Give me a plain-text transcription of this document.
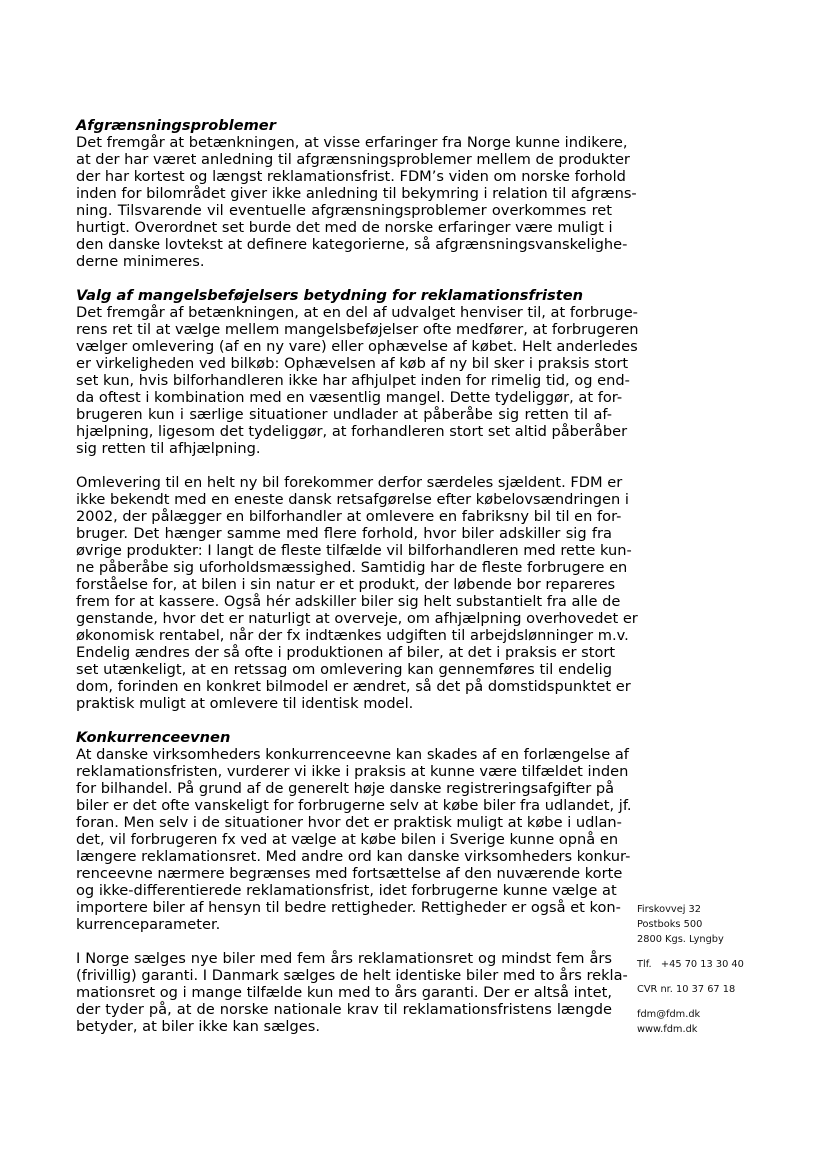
Afgrænsningsproblemer
Det fremgår at betænkningen, at visse erfaringer fra Norge kunne indikere,
at der har været anledning til afgrænsningsproblemer mellem de produkter
der har kortest og længst reklamationsfrist. FDM’s viden om norske forhold
inden for bilområdet giver ikke anledning til bekymring i relation til afgræns-
ning. Tilsvarende vil eventuelle afgrænsningsproblemer overkommes ret
hurtigt. Overordnet set burde det med de norske erfaringer være muligt i
den danske lovtekst at definere kategorierne, så afgrænsningsvanskelighe-
derne minimeres.
Valg af mangelsbeføjelsers betydning for reklamationsfristen
Det fremgår af betænkningen, at en del af udvalget henviser til, at forbruge-
rens ret til at vælge mellem mangelsbeføjelser ofte medfører, at forbrugeren
vælger omlevering (af en ny vare) eller ophævelse af købet. Helt anderledes
er virkeligheden ved bilkøb: Ophævelsen af køb af ny bil sker i praksis stort
set kun, hvis bilforhandleren ikke har afhjulpet inden for rimelig tid, og end-
da oftest i kombination med en væsentlig mangel. Dette tydeliggør, at for-
brugeren kun i særlige situationer undlader at påberåbe sig retten til af-
hjælpning, ligesom det tydeliggør, at forhandleren stort set altid påberåber
sig retten til afhjælpning.
Omlevering til en helt ny bil forekommer derfor særdeles sjældent. FDM er
ikke bekendt med en eneste dansk retsafgørelse efter købelovsændringen i
2002, der pålægger en bilforhandler at omlevere en fabriksny bil til en for-
bruger. Det hænger samme med flere forhold, hvor biler adskiller sig fra
øvrige produkter: I langt de fleste tilfælde vil bilforhandleren med rette kun-
ne påberåbe sig uforholdsmæssighed. Samtidig har de fleste forbrugere en
forståelse for, at bilen i sin natur er et produkt, der løbende bor repareres
frem for at kassere. Også hér adskiller biler sig helt substantielt fra alle de
genstande, hvor det er naturligt at overveje, om afhjælpning overhovedet er
økonomisk rentabel, når der fx indtænkes udgiften til arbejdslønninger m.v.
Endelig ændres der så ofte i produktionen af biler, at det i praksis er stort
set utænkeligt, at en retssag om omlevering kan gennemføres til endelig
dom, forinden en konkret bilmodel er ændret, så det på domstidspunktet er
praktisk muligt at omlevere til identisk model.
Konkurrenceevnen
At danske virksomheders konkurrenceevne kan skades af en forlængelse af
reklamationsfristen, vurderer vi ikke i praksis at kunne være tilfældet inden
for bilhandel. På grund af de generelt høje danske registreringsafgifter på
biler er det ofte vanskeligt for forbrugerne selv at købe biler fra udlandet, jf.
foran. Men selv i de situationer hvor det er praktisk muligt at købe i udlan-
det, vil forbrugeren fx ved at vælge at købe bilen i Sverige kunne opnå en
længere reklamationsret. Med andre ord kan danske virksomheders konkur-
renceevne nærmere begrænses med fortsættelse af den nuværende korte
og ikke-differentierede reklamationsfrist, idet forbrugerne kunne vælge at
importere biler af hensyn til bedre rettigheder. Rettigheder er også et kon-
kurrenceparameter.
I Norge sælges nye biler med fem års reklamationsret og mindst fem års
(frivillig) garanti. I Danmark sælges de helt identiske biler med to års rekla-
mationsret og i mange tilfælde kun med to års garanti. Der er altså intet,
der tyder på, at de norske nationale krav til reklamationsfristens længde
betyder, at biler ikke kan sælges.
Firskovvej 32
Postboks 500
2800 Kgs. Lyngby
Tlf.   +45 70 13 30 40
CVR nr. 10 37 67 18
fdm@fdm.dk
www.fdm.dk
